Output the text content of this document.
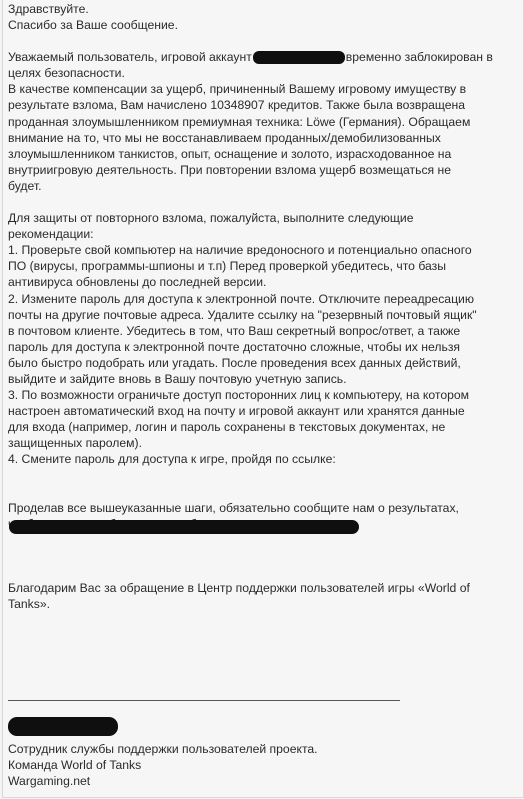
Здравствуйте.

Спасибо за Ваше сообщение.

Уважаемый пользователь, игровой аккаунт	временно заблокирован в

целях безопасности.

В качестве компенсации за ущерб, причиненный Вашему игровому имуществу в

результате взлома, Вам начислено 10348907 кредитов. Также была возвращена

проданная злоумышленником премиумная техника: Löwe (Германия). Обращаем

внимание на то, что мы не восстанавливаем проданных/демобилизованных

злоумышленником танкистов, опыт, оснащение и золото, израсходованное на

внутриигровую деятельность. При повторении взлома ущерб возмещаться не

будет.

Для защиты от повторного взлома, пожалуйста, выполните следующие

рекомендации:

1. Проверьте свой компьютер на наличие вредоносного и потенциально опасного

ПО (вирусы, программы-шпионы и т.п) Перед проверкой убедитесь, что базы

антивируса обновлены до последней версии.

2. Измените пароль для доступа к электронной почте. Отключите переадресацию

почты на другие почтовые адреса. Удалите ссылку на "резервный почтовый ящик"

в почтовом клиенте. Убедитесь в том, что Ваш секретный вопрос/ответ, а также

пароль для доступа к электронной почте достаточно сложные, чтобы их нельзя

было быстро подобрать или угадать. После проведения всех данных действий,

выйдите и зайдите вновь в Вашу почтовую учетную запись.

3. По возможности ограничьте доступ посторонних лиц к компьютеру, на котором

настроен автоматический вход на почту и игровой аккаунт или хранятся данные

для входа (например, логин и пароль сохранены в текстовых документах, не

защищенных паролем).

4. Смените пароль для доступа к игре, пройдя по ссылке:

Проделав все вышеуказанные шаги, обязательно сообщите нам о результатах,

Благодарим Вас за обращение в Центр поддержки пользователей игры «World of

Tanks».

Сотрудник службы поддержки пользователей проекта.

Команда World of Tanks

Wargaming.net
